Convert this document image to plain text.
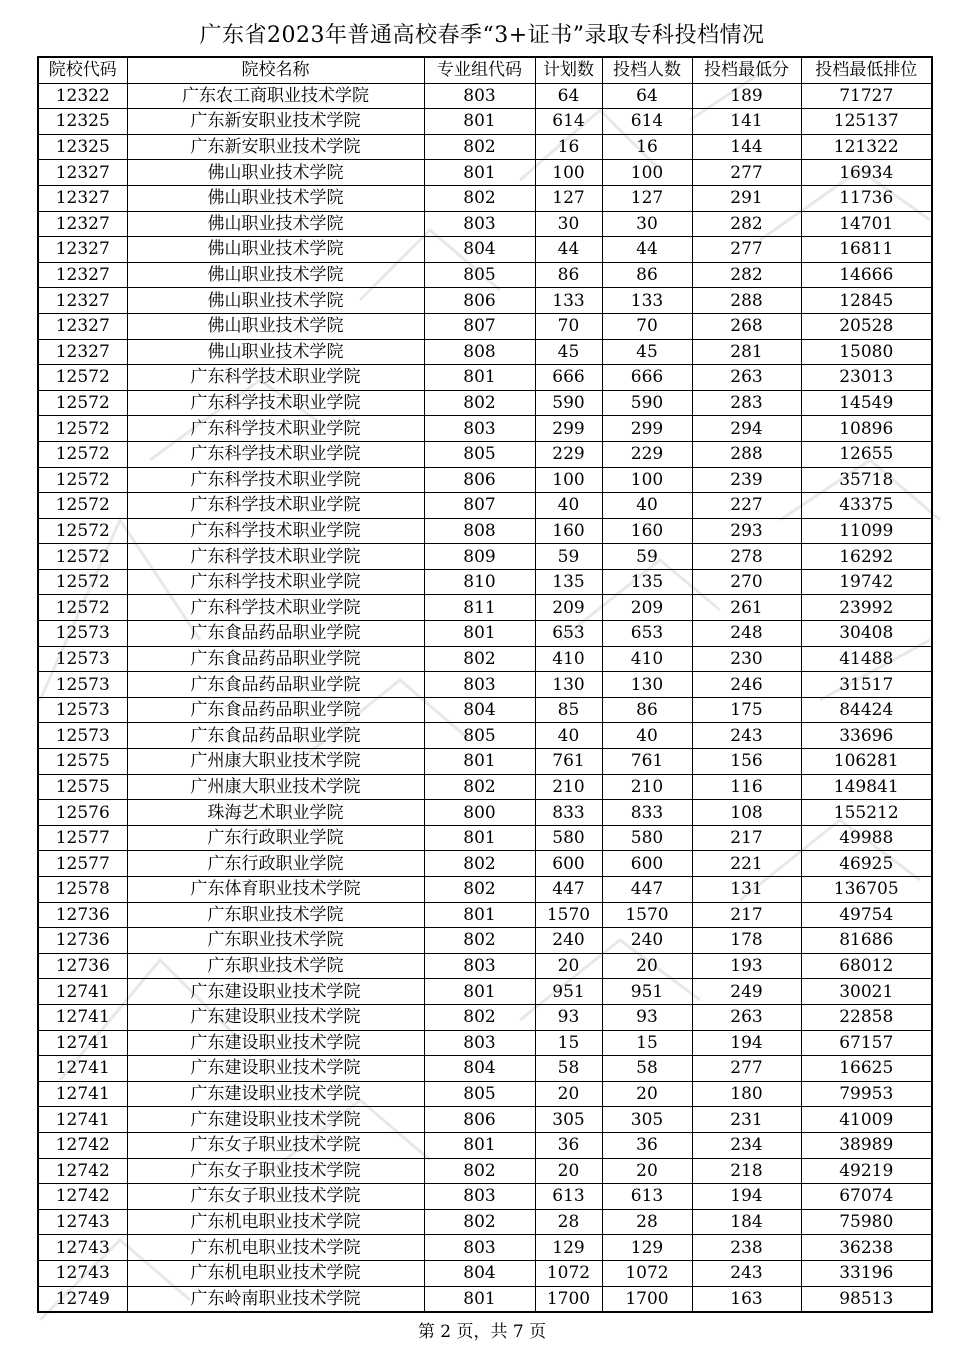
广东省2023年普通高校春季“3+证书”录取专科投档情况
院校代码	院校名称	专业组代码	计划数	投档人数	投档最低分	投档最低排位
12322	广东农工商职业技术学院	803	64	64	189	71727
12325	广东新安职业技术学院	801	614	614	141	125137
12325	广东新安职业技术学院	802	16	16	144	121322
12327	佛山职业技术学院	801	100	100	277	16934
12327	佛山职业技术学院	802	127	127	291	11736
12327	佛山职业技术学院	803	30	30	282	14701
12327	佛山职业技术学院	804	44	44	277	16811
12327	佛山职业技术学院	805	86	86	282	14666
12327	佛山职业技术学院	806	133	133	288	12845
12327	佛山职业技术学院	807	70	70	268	20528
12327	佛山职业技术学院	808	45	45	281	15080
12572	广东科学技术职业学院	801	666	666	263	23013
12572	广东科学技术职业学院	802	590	590	283	14549
12572	广东科学技术职业学院	803	299	299	294	10896
12572	广东科学技术职业学院	805	229	229	288	12655
12572	广东科学技术职业学院	806	100	100	239	35718
12572	广东科学技术职业学院	807	40	40	227	43375
12572	广东科学技术职业学院	808	160	160	293	11099
12572	广东科学技术职业学院	809	59	59	278	16292
12572	广东科学技术职业学院	810	135	135	270	19742
12572	广东科学技术职业学院	811	209	209	261	23992
12573	广东食品药品职业学院	801	653	653	248	30408
12573	广东食品药品职业学院	802	410	410	230	41488
12573	广东食品药品职业学院	803	130	130	246	31517
12573	广东食品药品职业学院	804	85	86	175	84424
12573	广东食品药品职业学院	805	40	40	243	33696
12575	广州康大职业技术学院	801	761	761	156	106281
12575	广州康大职业技术学院	802	210	210	116	149841
12576	珠海艺术职业学院	800	833	833	108	155212
12577	广东行政职业学院	801	580	580	217	49988
12577	广东行政职业学院	802	600	600	221	46925
12578	广东体育职业技术学院	802	447	447	131	136705
12736	广东职业技术学院	801	1570	1570	217	49754
12736	广东职业技术学院	802	240	240	178	81686
12736	广东职业技术学院	803	20	20	193	68012
12741	广东建设职业技术学院	801	951	951	249	30021
12741	广东建设职业技术学院	802	93	93	263	22858
12741	广东建设职业技术学院	803	15	15	194	67157
12741	广东建设职业技术学院	804	58	58	277	16625
12741	广东建设职业技术学院	805	20	20	180	79953
12741	广东建设职业技术学院	806	305	305	231	41009
12742	广东女子职业技术学院	801	36	36	234	38989
12742	广东女子职业技术学院	802	20	20	218	49219
12742	广东女子职业技术学院	803	613	613	194	67074
12743	广东机电职业技术学院	802	28	28	184	75980
12743	广东机电职业技术学院	803	129	129	238	36238
12743	广东机电职业技术学院	804	1072	1072	243	33196
12749	广东岭南职业技术学院	801	1700	1700	163	98513
第 2 页，共 7 页
